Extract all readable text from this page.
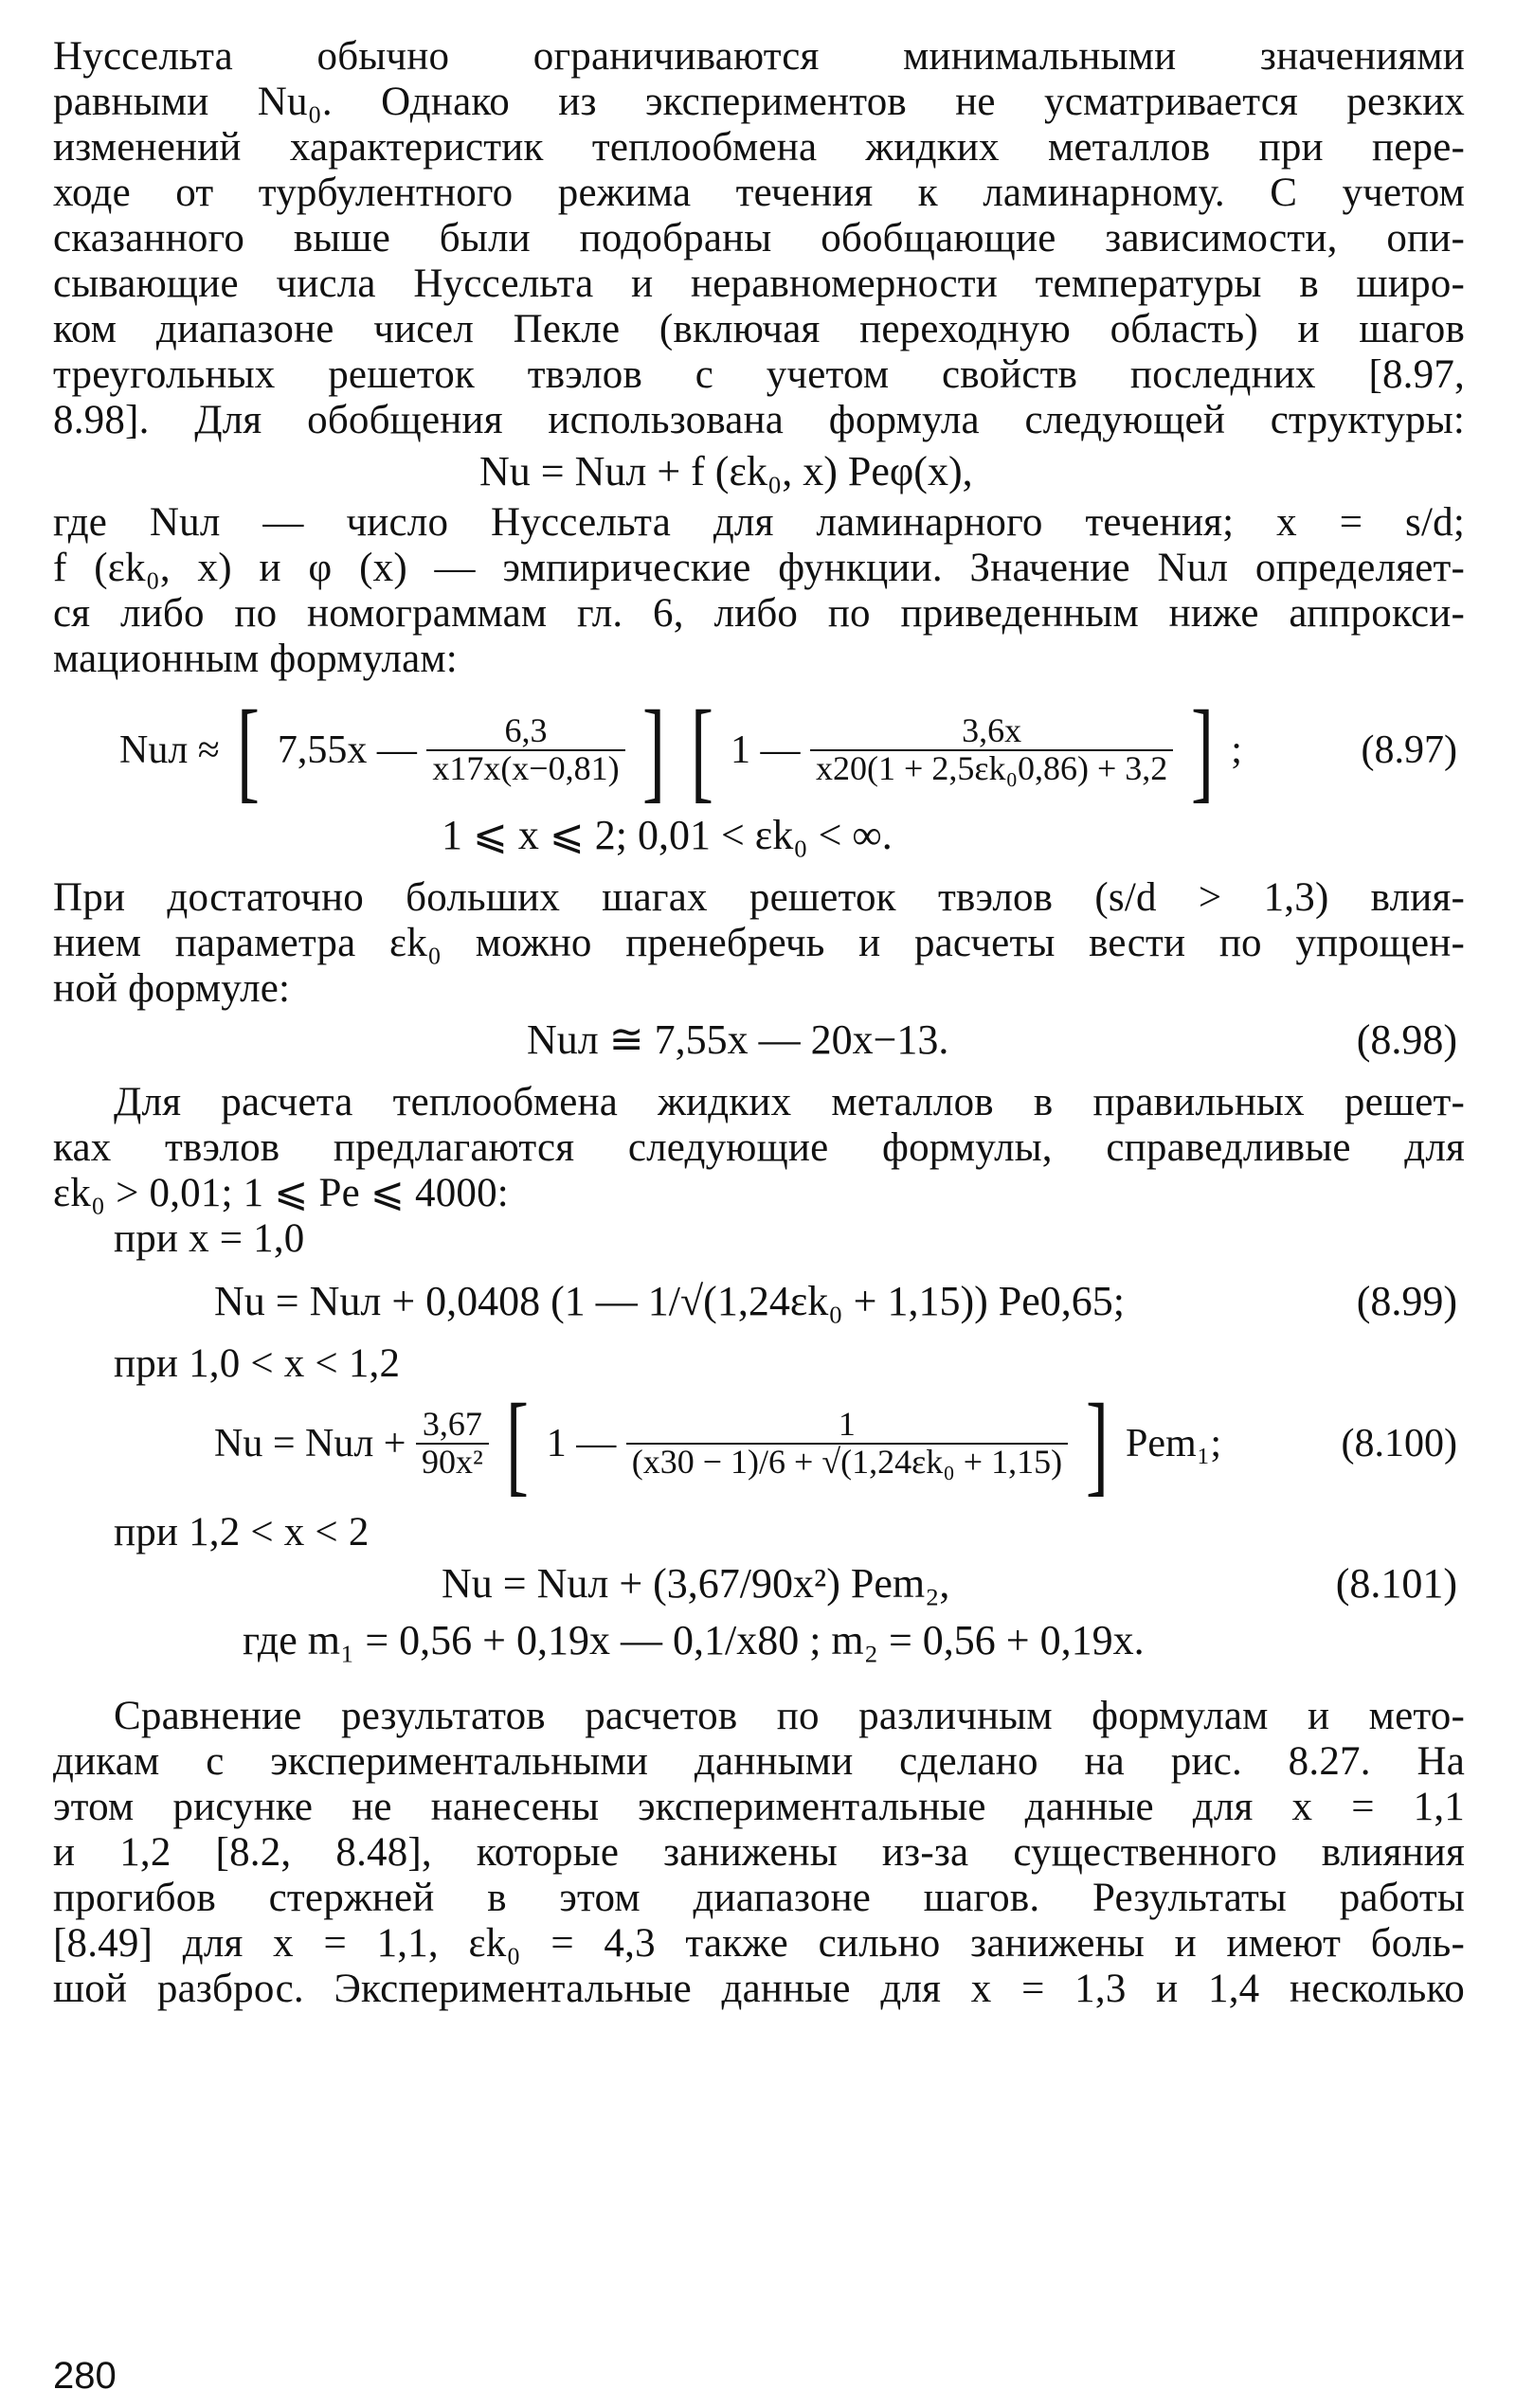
Нуссельта обычно ограничиваются минимальными значениями
равными Nu₀. Однако из экспериментов не усматривается резких
изменений характеристик теплообмена жидких металлов при пере-
ходе от турбулентного режима течения к ламинарному. С учетом
сказанного выше были подобраны обобщающие зависимости, опи-
сывающие числа Нуссельта и неравномерности температуры в широ-
ком диапазоне чисел Пекле (включая переходную область) и шагов
треугольных решеток твэлов с учетом свойств последних [8.97,
8.98]. Для обобщения использована формула следующей структуры:
Nu = Nuл + f (εk₀, x) Peφ(x),
где Nuл — число Нуссельта для ламинарного течения; x = s/d;
f (εk₀, x) и φ (x) — эмпирические функции. Значение Nuл определяет-
ся либо по номограммам гл. 6, либо по приведенным ниже аппрокси-
мационным формулам:
Nuл ≈ [ 7,55x — $\frac{6,3}{x17x(x-0,81)}$ ] [ 1 — $\frac{3,6x}{\text{x20(1 + 2,5εk₀0,86) + 3,2}}$ ] ;	(8.97)
1 ⩽ x ⩽ 2; 0,01 < εk₀ < ∞.
При достаточно больших шагах решеток твэлов (s/d > 1,3) влия-
нием параметра εk₀ можно пренебречь и расчеты вести по упрощен-
ной формуле:
Nuл ≅ 7,55x — 20x−13.	(8.98)
Для расчета теплообмена жидких металлов в правильных решет-
ках твэлов предлагаются следующие формулы, справедливые для
εk₀ > 0,01; 1 ⩽ Pe ⩽ 4000:
при x = 1,0
Nu = Nuл + 0,0408 (1 — 1/√(1,24εk₀ + 1,15)) Pe0,65;	(8.99)
при 1,0 < x < 1,2
Nu = Nuл + $\frac{3,67}{\text{90x²}}$ [ 1 — $\frac{1}{\text{(x30 − 1)/6 + √(1,24εk₀ + 1,15)}}$ ] Pem₁;	(8.100)
при 1,2 < x < 2
Nu = Nuл + (3,67/90x²) Pem₂,	(8.101)
где m₁ = 0,56 + 0,19x — 0,1/x80 ; m₂ = 0,56 + 0,19x.
Сравнение результатов расчетов по различным формулам и мето-
дикам с экспериментальными данными сделано на рис. 8.27. На
этом рисунке не нанесены экспериментальные данные для x = 1,1
и 1,2 [8.2, 8.48], которые занижены из-за существенного влияния
прогибов стержней в этом диапазоне шагов. Результаты работы
[8.49] для x = 1,1, εk₀ = 4,3 также сильно занижены и имеют боль-
шой разброс. Экспериментальные данные для x = 1,3 и 1,4 несколько
280
